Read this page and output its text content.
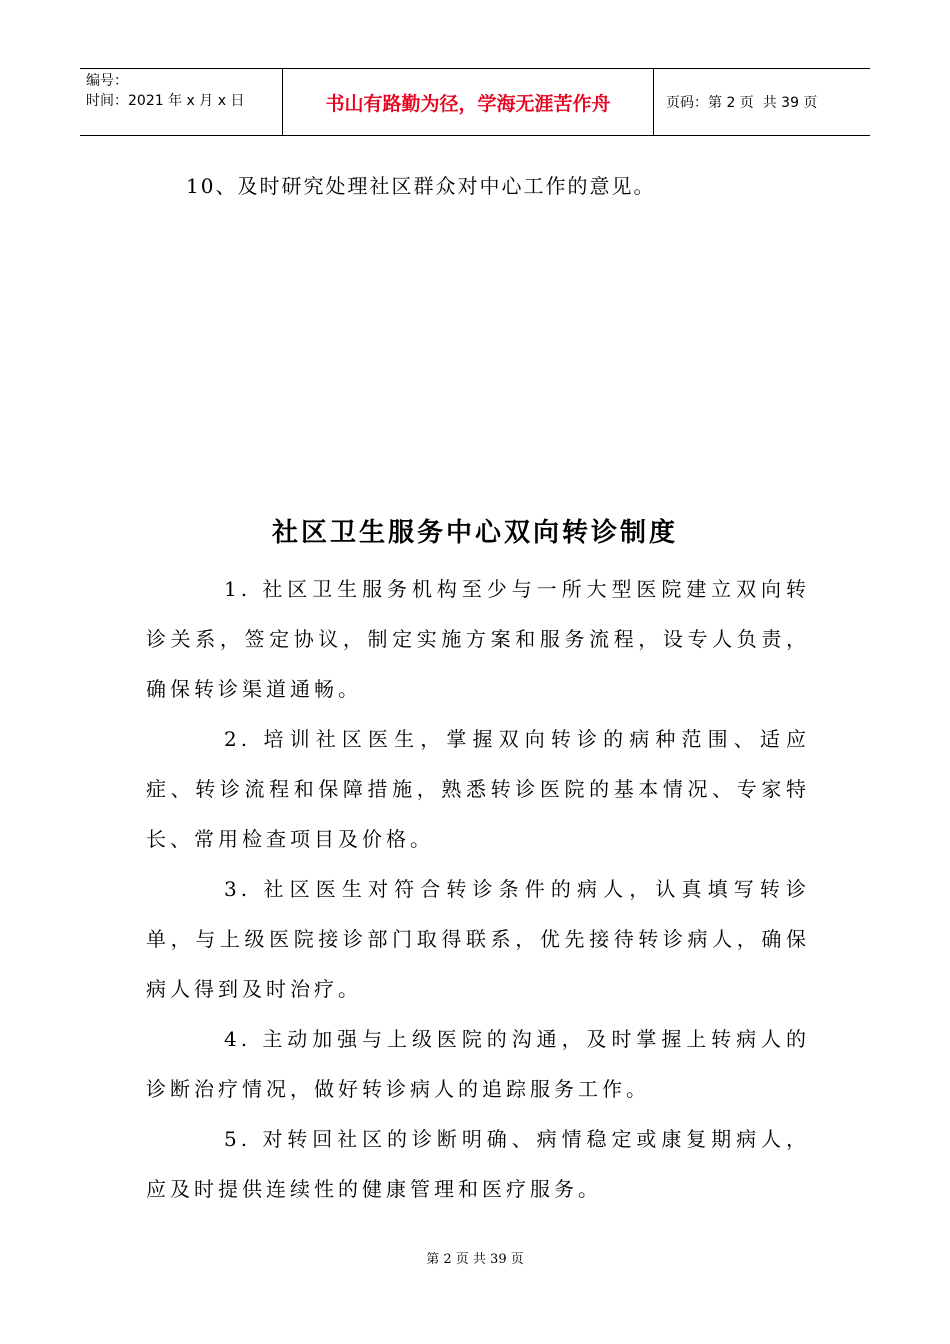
编号：
时间：2021 年 x 月 x 日	书山有路勤为径，学海无涯苦作舟	页码：第 2 页  共 39 页
10、及时研究处理社区群众对中心工作的意见。
社区卫生服务中心双向转诊制度

1. 社区卫生服务机构至少与一所大型医院建立双向转诊关系，签定协议，制定实施方案和服务流程，设专人负责，确保转诊渠道通畅。

2. 培训社区医生，掌握双向转诊的病种范围、适应症、转诊流程和保障措施，熟悉转诊医院的基本情况、专家特长、常用检查项目及价格。

3. 社区医生对符合转诊条件的病人，认真填写转诊单，与上级医院接诊部门取得联系，优先接待转诊病人，确保病人得到及时治疗。

4. 主动加强与上级医院的沟通，及时掌握上转病人的诊断治疗情况，做好转诊病人的追踪服务工作。

5. 对转回社区的诊断明确、病情稳定或康复期病人，应及时提供连续性的健康管理和医疗服务。

第 2 页 共 39 页
